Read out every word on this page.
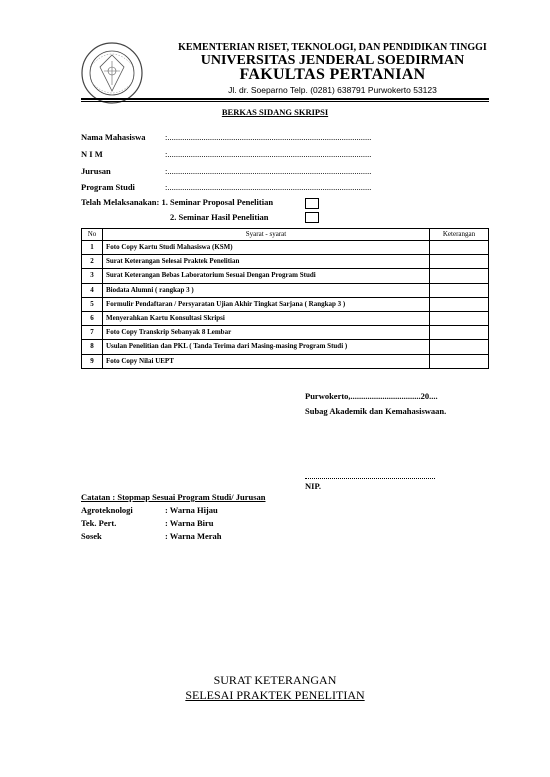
KEMENTERIAN RISET, TEKNOLOGI, DAN PENDIDIKAN TINGGI
UNIVERSITAS JENDERAL SOEDIRMAN
FAKULTAS PERTANIAN
Jl. dr. Soeparno Telp. (0281) 638791 Purwokerto 53123
BERKAS SIDANG SKRIPSI
Nama Mahasiswa :................................................................................................
N I M	:................................................................................................
Jurusan	:................................................................................................
Program Studi	:................................................................................................
Telah Melaksanakan: 1. Seminar Proposal Penelitian
2. Seminar Hasil Penelitian
No	Syarat - syarat	Keterangan
1	Foto Copy Kartu Studi Mahasiswa (KSM)	
2	Surat Keterangan Selesai Praktek Penelitian	
3	Surat Keterangan Bebas Laboratorium Sesuai Dengan Program Studi	
4	Biodata Alumni ( rangkap 3 )	
5	Formulir Pendaftaran / Persyaratan Ujian Akhir Tingkat Sarjana ( Rangkap 3 )	
6	Menyerahkan Kartu Konsultasi Skripsi	
7	Foto Copy Transkrip Sebanyak 8 Lembar	
8	Usulan Penelitian dan PKL ( Tanda Terima dari Masing-masing Program Studi )	
9	Foto Copy Nilai UEPT	
Purwokerto,.................................20....
Subag Akademik dan Kemahasiswaan.
NIP.
Catatan : Stopmap Sesuai Program Studi/ Jurusan
Agroteknologi	: Warna Hijau
Tek. Pert.	: Warna Biru
Sosek	: Warna Merah
SURAT KETERANGAN
SELESAI PRAKTEK PENELITIAN
